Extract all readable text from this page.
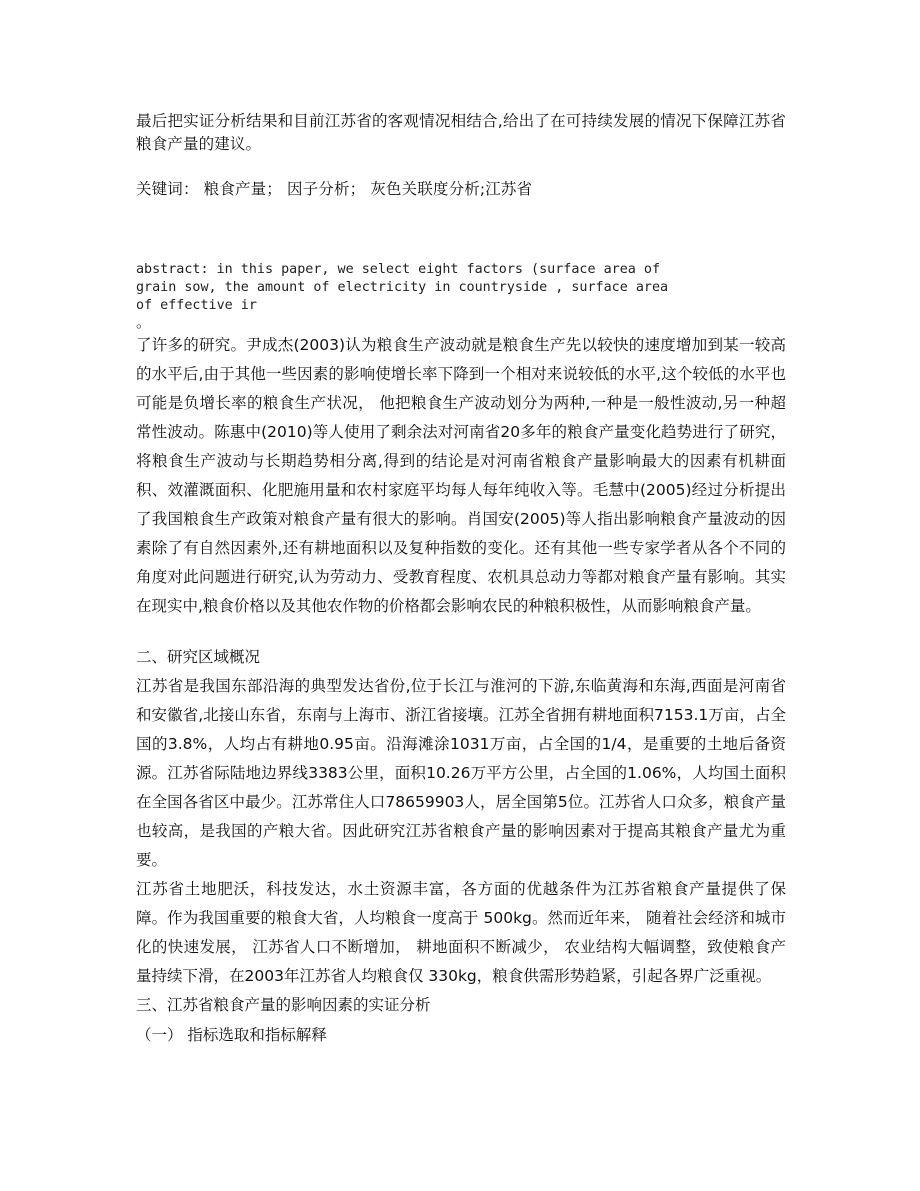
最后把实证分析结果和目前江苏省的客观情况相结合,给出了在可持续发展的情况下保障江苏省粮食产量的建议。

关键词： 粮食产量； 因子分析； 灰色关联度分析;江苏省

abstract: in this paper, we select eight factors (surface area of
grain sow, the amount of electricity in countryside , surface area
of effective ir

。

了许多的研究。尹成杰(2003)认为粮食生产波动就是粮食生产先以较快的速度增加到某一较高的水平后,由于其他一些因素的影响使增长率下降到一个相对来说较低的水平,这个较低的水平也可能是负增长率的粮食生产状况， 他把粮食生产波动划分为两种,一种是一般性波动,另一种超常性波动。陈惠中(2010)等人使用了剩余法对河南省20多年的粮食产量变化趋势进行了研究， 将粮食生产波动与长期趋势相分离,得到的结论是对河南省粮食产量影响最大的因素有机耕面积、效灌溉面积、化肥施用量和农村家庭平均每人每年纯收入等。毛慧中(2005)经过分析提出了我国粮食生产政策对粮食产量有很大的影响。肖国安(2005)等人指出影响粮食产量波动的因素除了有自然因素外,还有耕地面积以及复种指数的变化。还有其他一些专家学者从各个不同的角度对此问题进行研究,认为劳动力、受教育程度、农机具总动力等都对粮食产量有影响。其实在现实中,粮食价格以及其他农作物的价格都会影响农民的种粮积极性，从而影响粮食产量。

二、研究区域概况

江苏省是我国东部沿海的典型发达省份,位于长江与淮河的下游,东临黄海和东海,西面是河南省和安徽省,北接山东省，东南与上海市、浙江省接壤。江苏全省拥有耕地面积7153.1万亩，占全国的3.8%，人均占有耕地0.95亩。沿海滩涂1031万亩，占全国的1/4，是重要的土地后备资源。江苏省际陆地边界线3383公里，面积10.26万平方公里，占全国的1.06%，人均国土面积在全国各省区中最少。江苏常住人口78659903人，居全国第5位。江苏省人口众多，粮食产量也较高，是我国的产粮大省。因此研究江苏省粮食产量的影响因素对于提高其粮食产量尤为重要。

江苏省土地肥沃，科技发达，水土资源丰富，各方面的优越条件为江苏省粮食产量提供了保障。作为我国重要的粮食大省，人均粮食一度高于 500kg。然而近年来， 随着社会经济和城市化的快速发展， 江苏省人口不断增加， 耕地面积不断减少， 农业结构大幅调整，致使粮食产量持续下滑，在2003年江苏省人均粮食仅 330kg，粮食供需形势趋紧，引起各界广泛重视。

三、江苏省粮食产量的影响因素的实证分析

（一） 指标选取和指标解释
